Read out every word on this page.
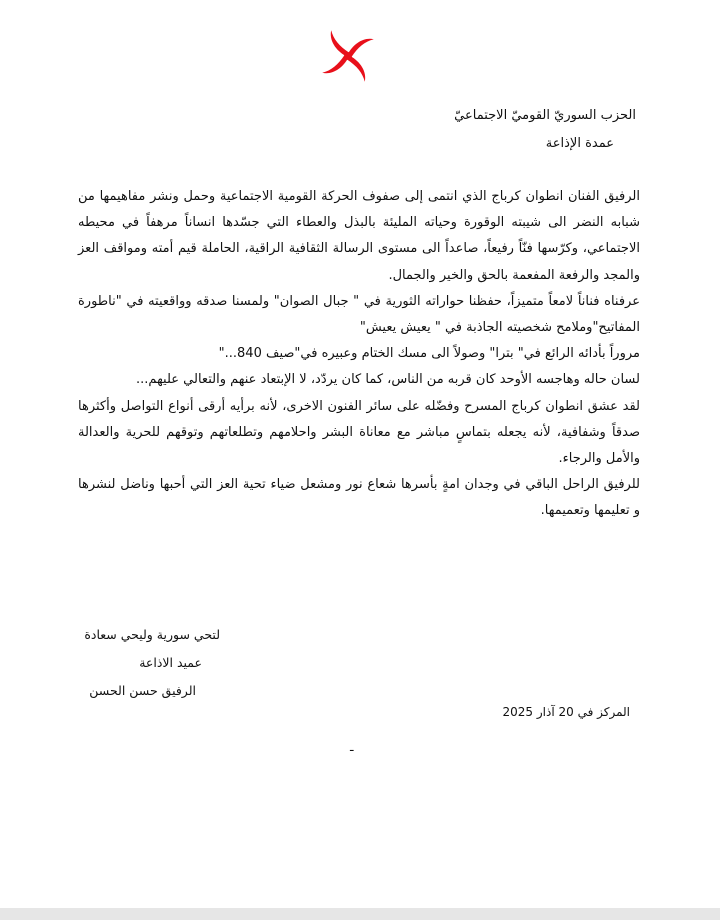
الحزب السوريّ القوميّ الاجتماعيّ
عمدة الإذاعة

الرفيق الفنان انطوان كرباج الذي انتمى إلى صفوف الحركة القومية الاجتماعية وحمل ونشر مفاهيمها من شبابه النضر الى شيبته الوقورة وحياته المليئة بالبذل والعطاء التي جسّدها انساناً مرهفاً في محيطه الاجتماعي، وكرّسها فنّاً رفيعاً، صاعداً الى مستوى الرسالة الثقافية الراقية، الحاملة قيم أمته ومواقف العز والمجد والرفعة المفعمة بالحق والخير والجمال.

عرفناه فناناً لامعاً متميزاً، حفظنا حواراته الثورية في " جبال الصوان" ولمسنا صدقه وواقعيته في "ناطورة المفاتيح"وملامح شخصيته الجاذبة في " يعيش يعيش"

مروراً بأدائه الرائع في" بترا" وصولاً الى مسك الختام وعبيره في"صيف 840..."

لسان حاله وهاجسه الأوحد كان قربه من الناس، كما كان يردّد، لا الإبتعاد عنهم والتعالي عليهم...

لقد عشق انطوان كرباج المسرح وفضّله على سائر الفنون الاخرى، لأنه برأيه أرقى أنواع التواصل وأكثرها صدقاً وشفافية، لأنه يجعله بتماسٍ مباشر مع معاناة البشر واحلامهم وتطلعاتهم وتوقهم للحرية والعدالة والأمل والرجاء.

للرفيق الراحل الباقي في وجدان امةٍ بأسرها شعاع نور ومشعل ضياء تحية العز التي أحبها وناضل لنشرها و تعليمها وتعميمها.

لتحي سورية وليحي سعادة
عميد الاذاعة
الرفيق حسن الحسن
المركز في 20 آذار 2025
ـ
